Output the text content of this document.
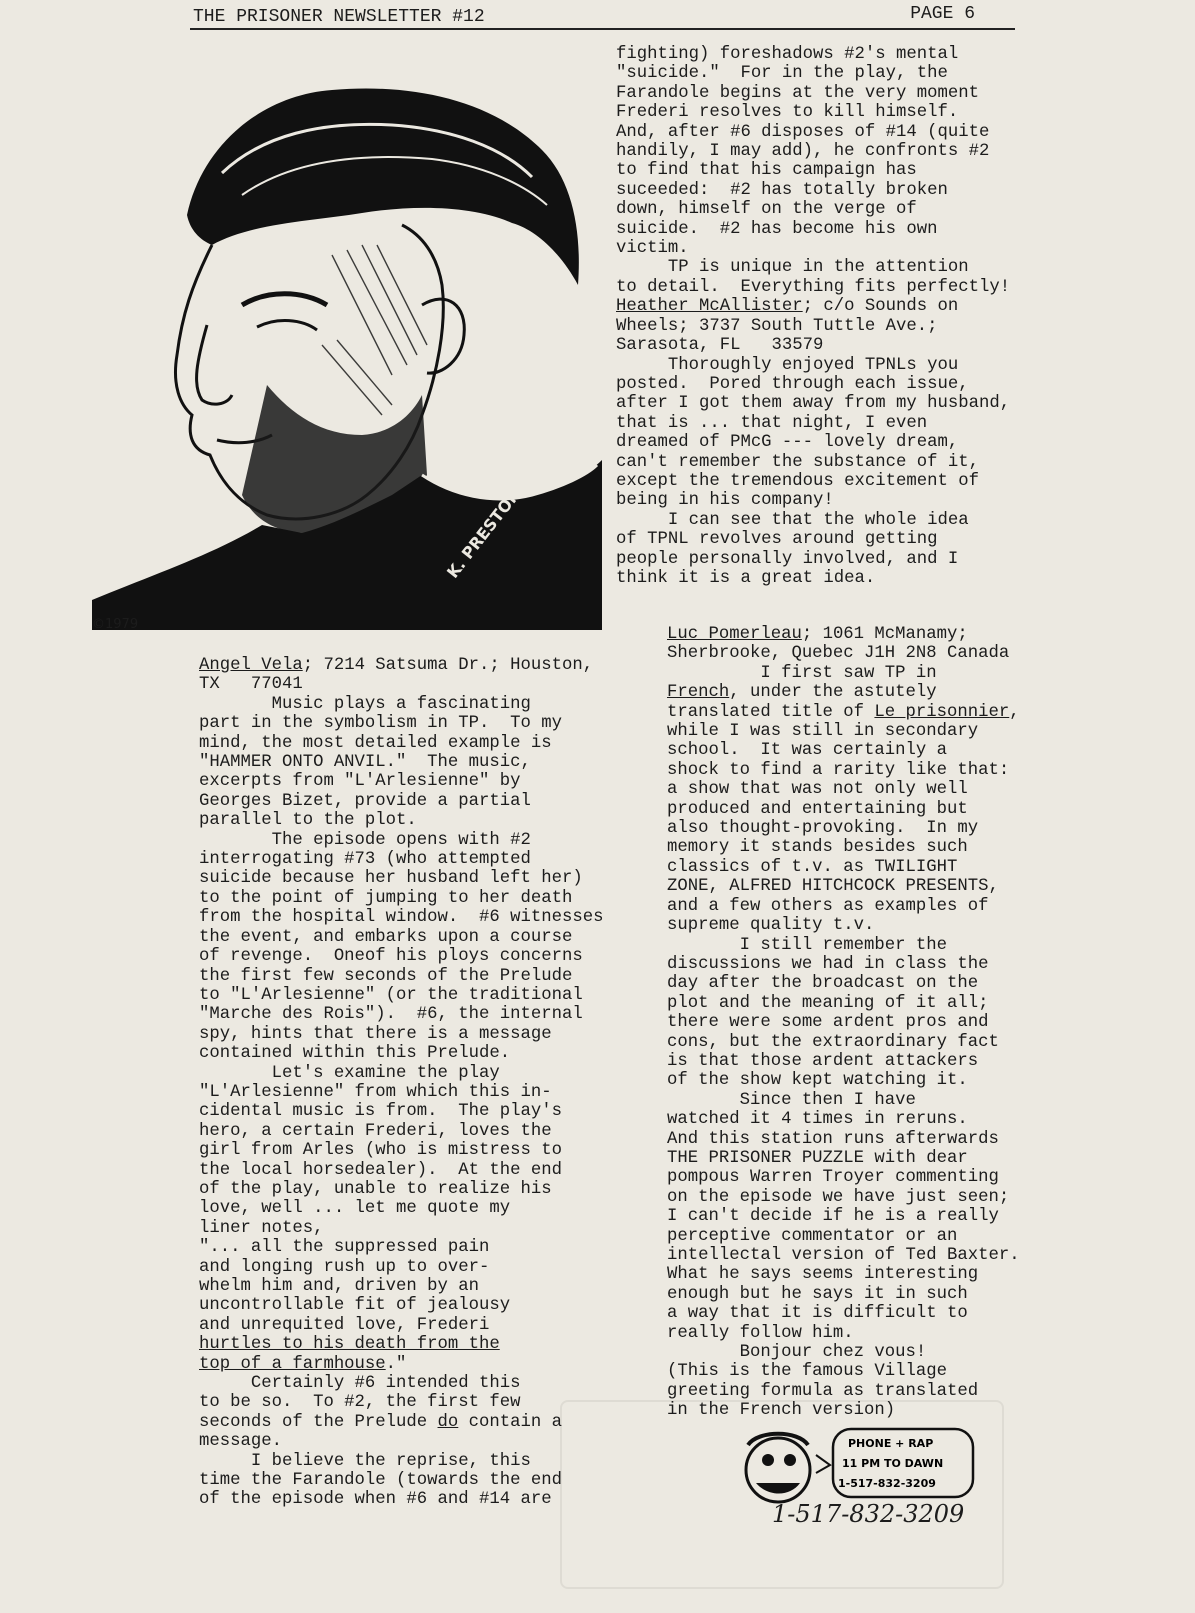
THE PRISONER NEWSLETTER #12	PAGE 6
K. PRESTON
©1979

Angel Vela; 7214 Satsuma Dr.; Houston,

TX   77041

Music plays a fascinating

part in the symbolism in TP.  To my

mind, the most detailed example is

"HAMMER ONTO ANVIL."  The music,

excerpts from "L'Arlesienne" by

Georges Bizet, provide a partial

parallel to the plot.

The episode opens with #2

interrogating #73 (who attempted

suicide because her husband left her)

to the point of jumping to her death

from the hospital window.  #6 witnesses

the event, and embarks upon a course

of revenge.  Oneof his ploys concerns

the first few seconds of the Prelude

to "L'Arlesienne" (or the traditional

"Marche des Rois").  #6, the internal

spy, hints that there is a message

contained within this Prelude.

Let's examine the play

"L'Arlesienne" from which this in-

cidental music is from.  The play's

hero, a certain Frederi, loves the

girl from Arles (who is mistress to

the local horsedealer).  At the end

of the play, unable to realize his

love, well ... let me quote my

liner notes,

"... all the suppressed pain

and longing rush up to over-

whelm him and, driven by an

uncontrollable fit of jealousy

and unrequited love, Frederi

hurtles to his death from the

top of a farmhouse."

Certainly #6 intended this

to be so.  To #2, the first few

seconds of the Prelude do contain a

message.

I believe the reprise, this

time the Farandole (towards the end

of the episode when #6 and #14 are

fighting) foreshadows #2's mental

"suicide."  For in the play, the

Farandole begins at the very moment

Frederi resolves to kill himself.

And, after #6 disposes of #14 (quite

handily, I may add), he confronts #2

to find that his campaign has

suceeded:  #2 has totally broken

down, himself on the verge of

suicide.  #2 has become his own

victim.

TP is unique in the attention

to detail.  Everything fits perfectly!

Heather McAllister; c/o Sounds on

Wheels; 3737 South Tuttle Ave.;

Sarasota, FL   33579

Thoroughly enjoyed TPNLs you

posted.  Pored through each issue,

after I got them away from my husband,

that is ... that night, I even

dreamed of PMcG --- lovely dream,

can't remember the substance of it,

except the tremendous excitement of

being in his company!

I can see that the whole idea

of TPNL revolves around getting

people personally involved, and I

think it is a great idea.

Luc Pomerleau; 1061 McManamy;

Sherbrooke, Quebec J1H 2N8 Canada

I first saw TP in

French, under the astutely

translated title of Le prisonnier,

while I was still in secondary

school.  It was certainly a

shock to find a rarity like that:

a show that was not only well

produced and entertaining but

also thought-provoking.  In my

memory it stands besides such

classics of t.v. as TWILIGHT

ZONE, ALFRED HITCHCOCK PRESENTS,

and a few others as examples of

supreme quality t.v.

I still remember the

discussions we had in class the

day after the broadcast on the

plot and the meaning of it all;

there were some ardent pros and

cons, but the extraordinary fact

is that those ardent attackers

of the show kept watching it.

Since then I have

watched it 4 times in reruns.

And this station runs afterwards

THE PRISONER PUZZLE with dear

pompous Warren Troyer commenting

on the episode we have just seen;

I can't decide if he is a really

perceptive commentator or an

intellectal version of Ted Baxter.

What he says seems interesting

enough but he says it in such

a way that it is difficult to

really follow him.

Bonjour chez vous!

(This is the famous Village

greeting formula as translated

in the French version)

PHONE + RAP
11 PM TO DAWN
1-517-832-3209
1-517-832-3209
